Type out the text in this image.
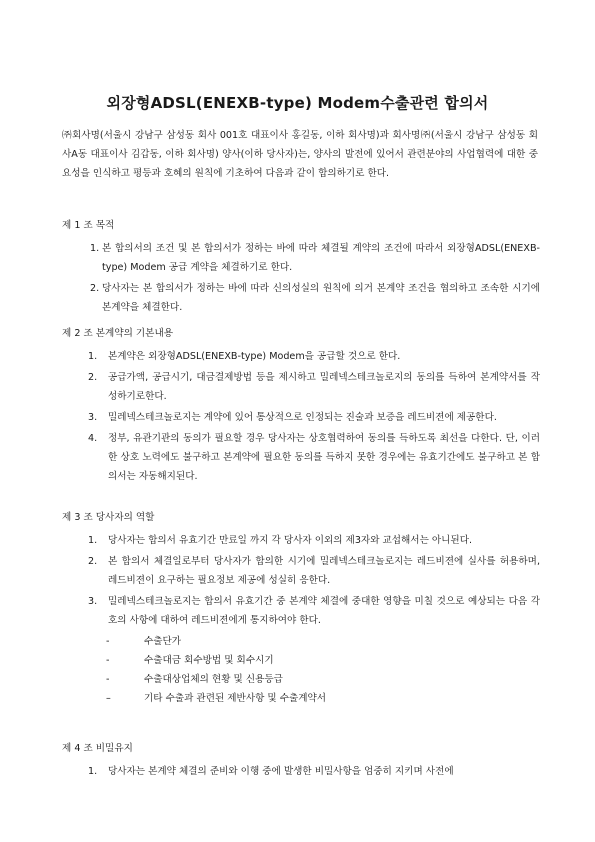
외장형ADSL(ENEXB-type) Modem수출관련 합의서
㈜회사명(서울시 강남구 삼성동 회사 001호 대표이사 홍길동, 이하 회사명)과 회사명㈜(서울시 강남구 삼성동 회사A동 대표이사 김갑동, 이하 회사명) 양사(이하 당사자)는, 양사의 발전에 있어서 관련분야의 사업협력에 대한 중요성을 인식하고 평등과 호혜의 원칙에 기초하여 다음과 같이 합의하기로 한다.
제 1 조 목적
1. 본 합의서의 조건 및 본 합의서가 정하는 바에 따라 체결될 계약의 조건에 따라서 외장형ADSL(ENEXB-type) Modem 공급 계약을 체결하기로 한다.
2. 당사자는 본 합의서가 정하는 바에 따라 신의성실의 원칙에 의거 본계약 조건을 협의하고 조속한 시기에 본계약을 체결한다.
제 2 조 본계약의 기본내용
1. 본계약은 외장형ADSL(ENEXB-type) Modem을 공급할 것으로 한다.
2. 공급가액, 공급시기, 대금결제방법 등을 제시하고 밀레넥스테크놀로지의 동의를 득하여 본계약서를 작성하기로한다.
3. 밀레넥스테크놀로지는 계약에 있어 통상적으로 인정되는 진술과 보증을 레드비젼에 제공한다.
4. 정부, 유관기관의 동의가 필요할 경우 당사자는 상호협력하여 동의를 득하도록 최선을 다한다. 단, 이러한 상호 노력에도 불구하고 본계약에 필요한 동의를 득하지 못한 경우에는 유효기간에도 불구하고 본 합의서는 자동해지된다.
제 3 조 당사자의 역할
1. 당사자는 합의서 유효기간 만료일 까지 각 당사자 이외의 제3자와 교섭해서는 아니된다.
2. 본 합의서 체결일로부터 당사자가 합의한 시기에 밀레넥스테크놀로지는 레드비젼에 실사를 허용하며, 레드비젼이 요구하는 필요정보 제공에 성실히 응한다.
3. 밀레넥스테크놀로지는 합의서 유효기간 중 본계약 체결에 중대한 영향을 미칠 것으로 예상되는 다음 각호의 사항에 대하여 레드비젼에게 통지하여야 한다.
-	수출단가
-	수출대금 회수방법 및 회수시기
-	수출대상업체의 현황 및 신용등급
–	기타 수출과 관련된 제반사항 및 수출계약서
제 4 조 비밀유지
1. 당사자는 본계약 체결의 준비와 이행 중에 발생한 비밀사항을 엄중히 지키며 사전에
